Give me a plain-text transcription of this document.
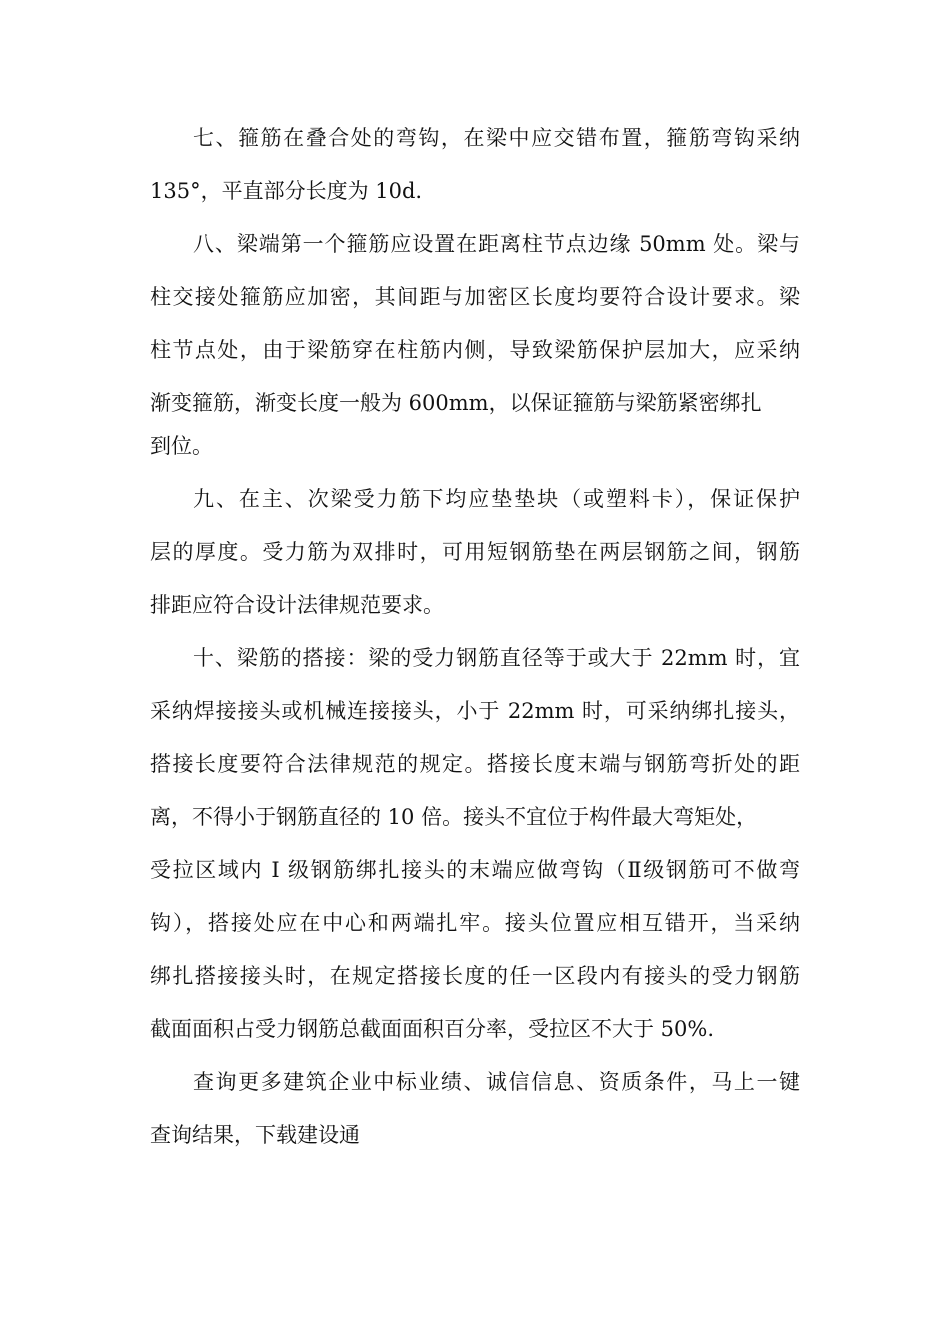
七、箍筋在叠合处的弯钩，在梁中应交错布置，箍筋弯钩采纳
135°，平直部分长度为 10d.
八、梁端第一个箍筋应设置在距离柱节点边缘 50mm 处。梁与
柱交接处箍筋应加密，其间距与加密区长度均要符合设计要求。梁
柱节点处，由于梁筋穿在柱筋内侧，导致梁筋保护层加大，应采纳
渐变箍筋，渐变长度一般为 600mm，以保证箍筋与梁筋紧密绑扎
到位。
九、在主、次梁受力筋下均应垫垫块（或塑料卡），保证保护
层的厚度。受力筋为双排时，可用短钢筋垫在两层钢筋之间，钢筋
排距应符合设计法律规范要求。
十、梁筋的搭接：梁的受力钢筋直径等于或大于 22mm 时，宜
采纳焊接接头或机械连接接头，小于 22mm 时，可采纳绑扎接头，
搭接长度要符合法律规范的规定。搭接长度末端与钢筋弯折处的距
离，不得小于钢筋直径的 10 倍。接头不宜位于构件最大弯矩处，
受拉区域内 I 级钢筋绑扎接头的末端应做弯钩（Ⅱ级钢筋可不做弯
钩），搭接处应在中心和两端扎牢。接头位置应相互错开，当采纳
绑扎搭接接头时，在规定搭接长度的任一区段内有接头的受力钢筋
截面面积占受力钢筋总截面面积百分率，受拉区不大于 50%.
查询更多建筑企业中标业绩、诚信信息、资质条件，马上一键
查询结果，下载建设通
